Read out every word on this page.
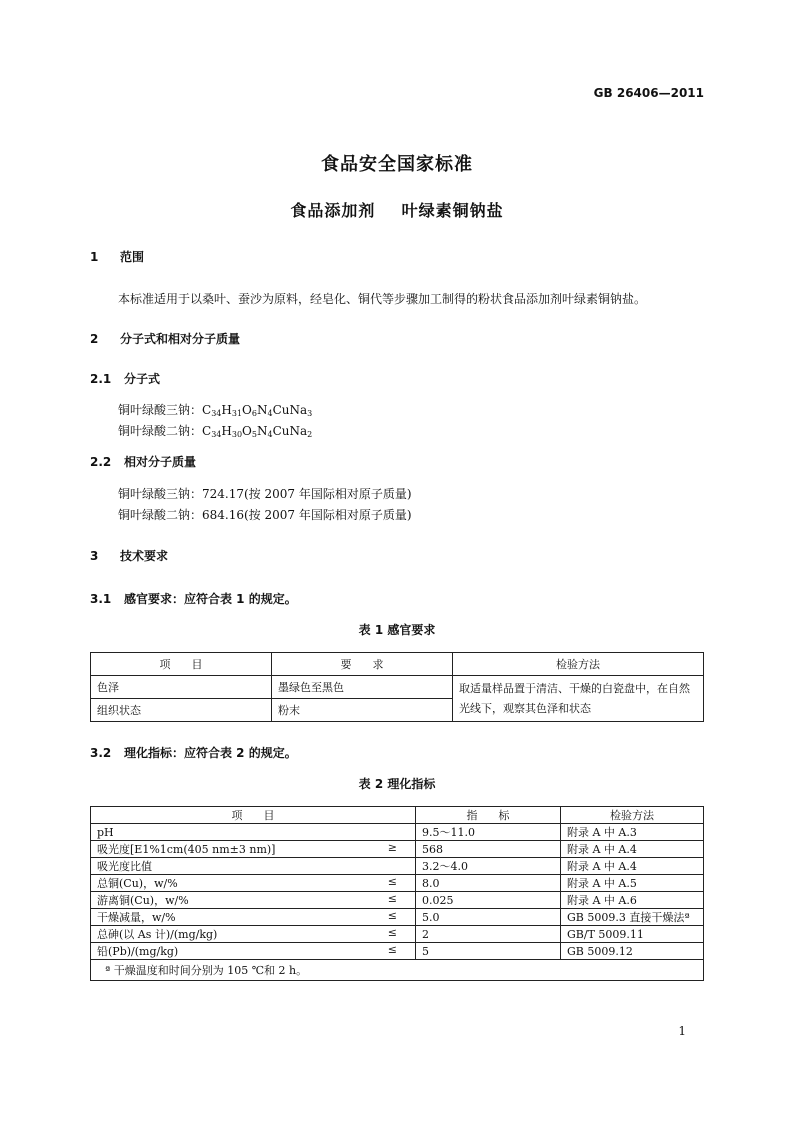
GB 26406—2011
食品安全国家标准
食品添加剂    叶绿素铜钠盐
1 范围
本标准适用于以桑叶、蚕沙为原料，经皂化、铜代等步骤加工制得的粉状食品添加剂叶绿素铜钠盐。
2 分子式和相对分子质量
2.1 分子式
铜叶绿酸三钠：$C_{34}H_{31}O_6N_4CuNa_3$
铜叶绿酸二钠：$C_{34}H_{30}O_5N_4CuNa_2$
2.2 相对分子质量
铜叶绿酸三钠：724.17(按 2007 年国际相对原子质量)
铜叶绿酸二钠：684.16(按 2007 年国际相对原子质量)
3 技术要求
3.1 感官要求：应符合表 1 的规定。
表 1 感官要求
项      目	要      求	检验方法
色泽	墨绿色至黑色	取适量样品置于清洁、干燥的白瓷盘中，在自然光线下，观察其色泽和状态
组织状态	粉末	
3.2 理化指标：应符合表 2 的规定。
表 2 理化指标
项      目	指      标	检验方法
pH	9.5～11.0	附录 A 中 A.3
吸光度[E1%1cm(405 nm±3 nm)] ≥	568	附录 A 中 A.4
吸光度比值	3.2～4.0	附录 A 中 A.4
总铜(Cu)，w/% ≤	8.0	附录 A 中 A.5
游离铜(Cu)，w/% ≤	0.025	附录 A 中 A.6
干燥减量，w/% ≤	5.0	GB 5009.3 直接干燥法ª
总砷(以 As 计)/(mg/kg) ≤	2	GB/T 5009.11
铅(Pb)/(mg/kg) ≤	5	GB 5009.12
ª 干燥温度和时间分别为 105 ℃和 2 h。		
1
